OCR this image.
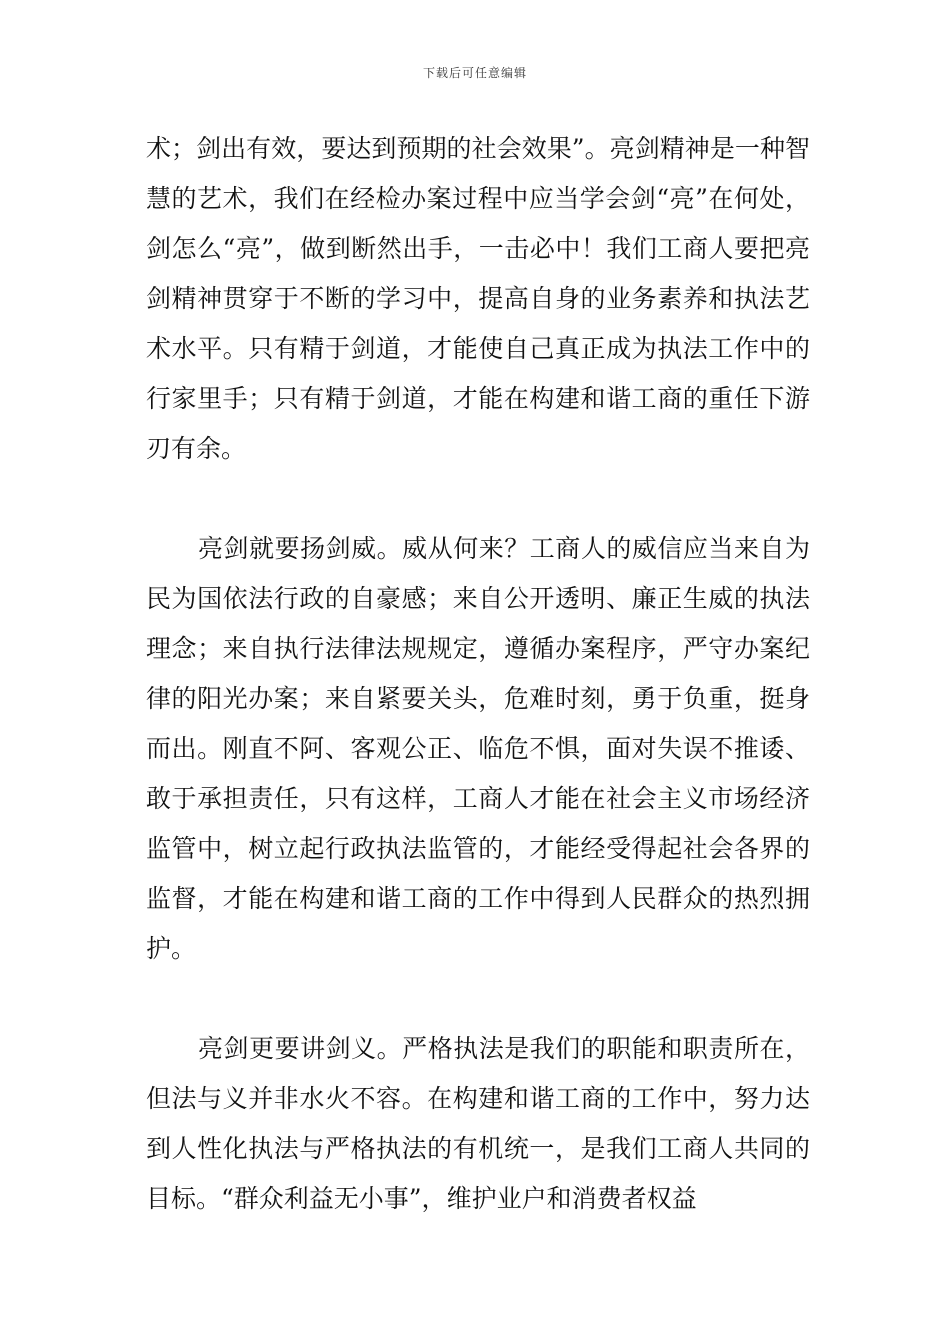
下载后可任意编辑

术；剑出有效，要达到预期的社会效果”。亮剑精神是一种智慧的艺术，我们在经检办案过程中应当学会剑“亮”在何处，剑怎么“亮”，做到断然出手，一击必中！我们工商人要把亮剑精神贯穿于不断的学习中，提高自身的业务素养和执法艺术水平。只有精于剑道，才能使自己真正成为执法工作中的行家里手；只有精于剑道，才能在构建和谐工商的重任下游刃有余。

亮剑就要扬剑威。威从何来？工商人的威信应当来自为民为国依法行政的自豪感；来自公开透明、廉正生威的执法理念；来自执行法律法规规定，遵循办案程序，严守办案纪律的阳光办案；来自紧要关头，危难时刻，勇于负重，挺身而出。刚直不阿、客观公正、临危不惧，面对失误不推诿、敢于承担责任，只有这样，工商人才能在社会主义市场经济监管中，树立起行政执法监管的，才能经受得起社会各界的监督，才能在构建和谐工商的工作中得到人民群众的热烈拥护。

亮剑更要讲剑义。严格执法是我们的职能和职责所在，但法与义并非水火不容。在构建和谐工商的工作中，努力达到人性化执法与严格执法的有机统一，是我们工商人共同的目标。“群众利益无小事”，维护业户和消费者权益
